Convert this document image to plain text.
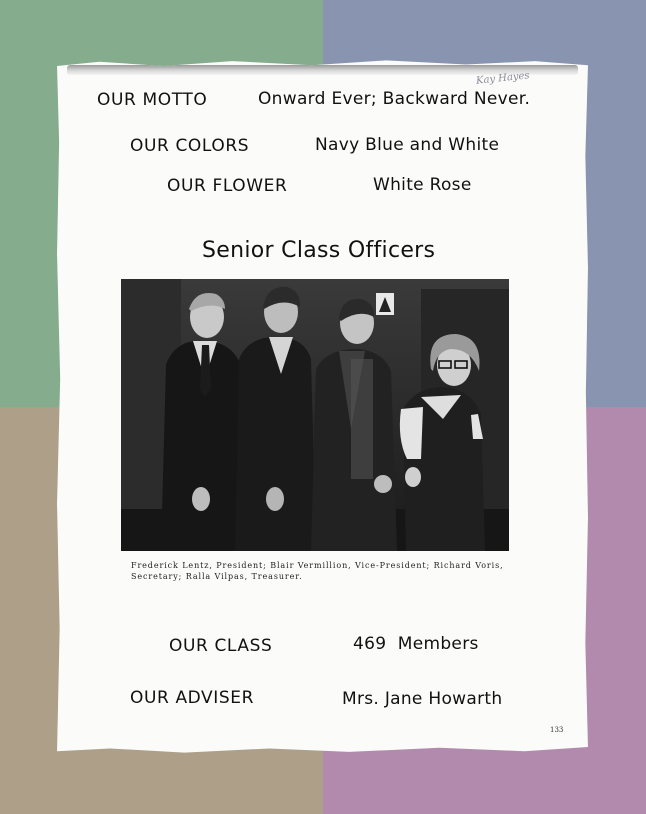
Kay Hayes
OUR MOTTO	Onward Ever; Backward Never.
OUR COLORS	Navy Blue and White
OUR FLOWER	White Rose
Senior Class Officers
Frederick Lentz, President; Blair Vermillion, Vice-President; Richard Voris, Secretary; Ralla Vilpas, Treasurer.
OUR CLASS	469  Members
OUR ADVISER	Mrs. Jane Howarth
133
